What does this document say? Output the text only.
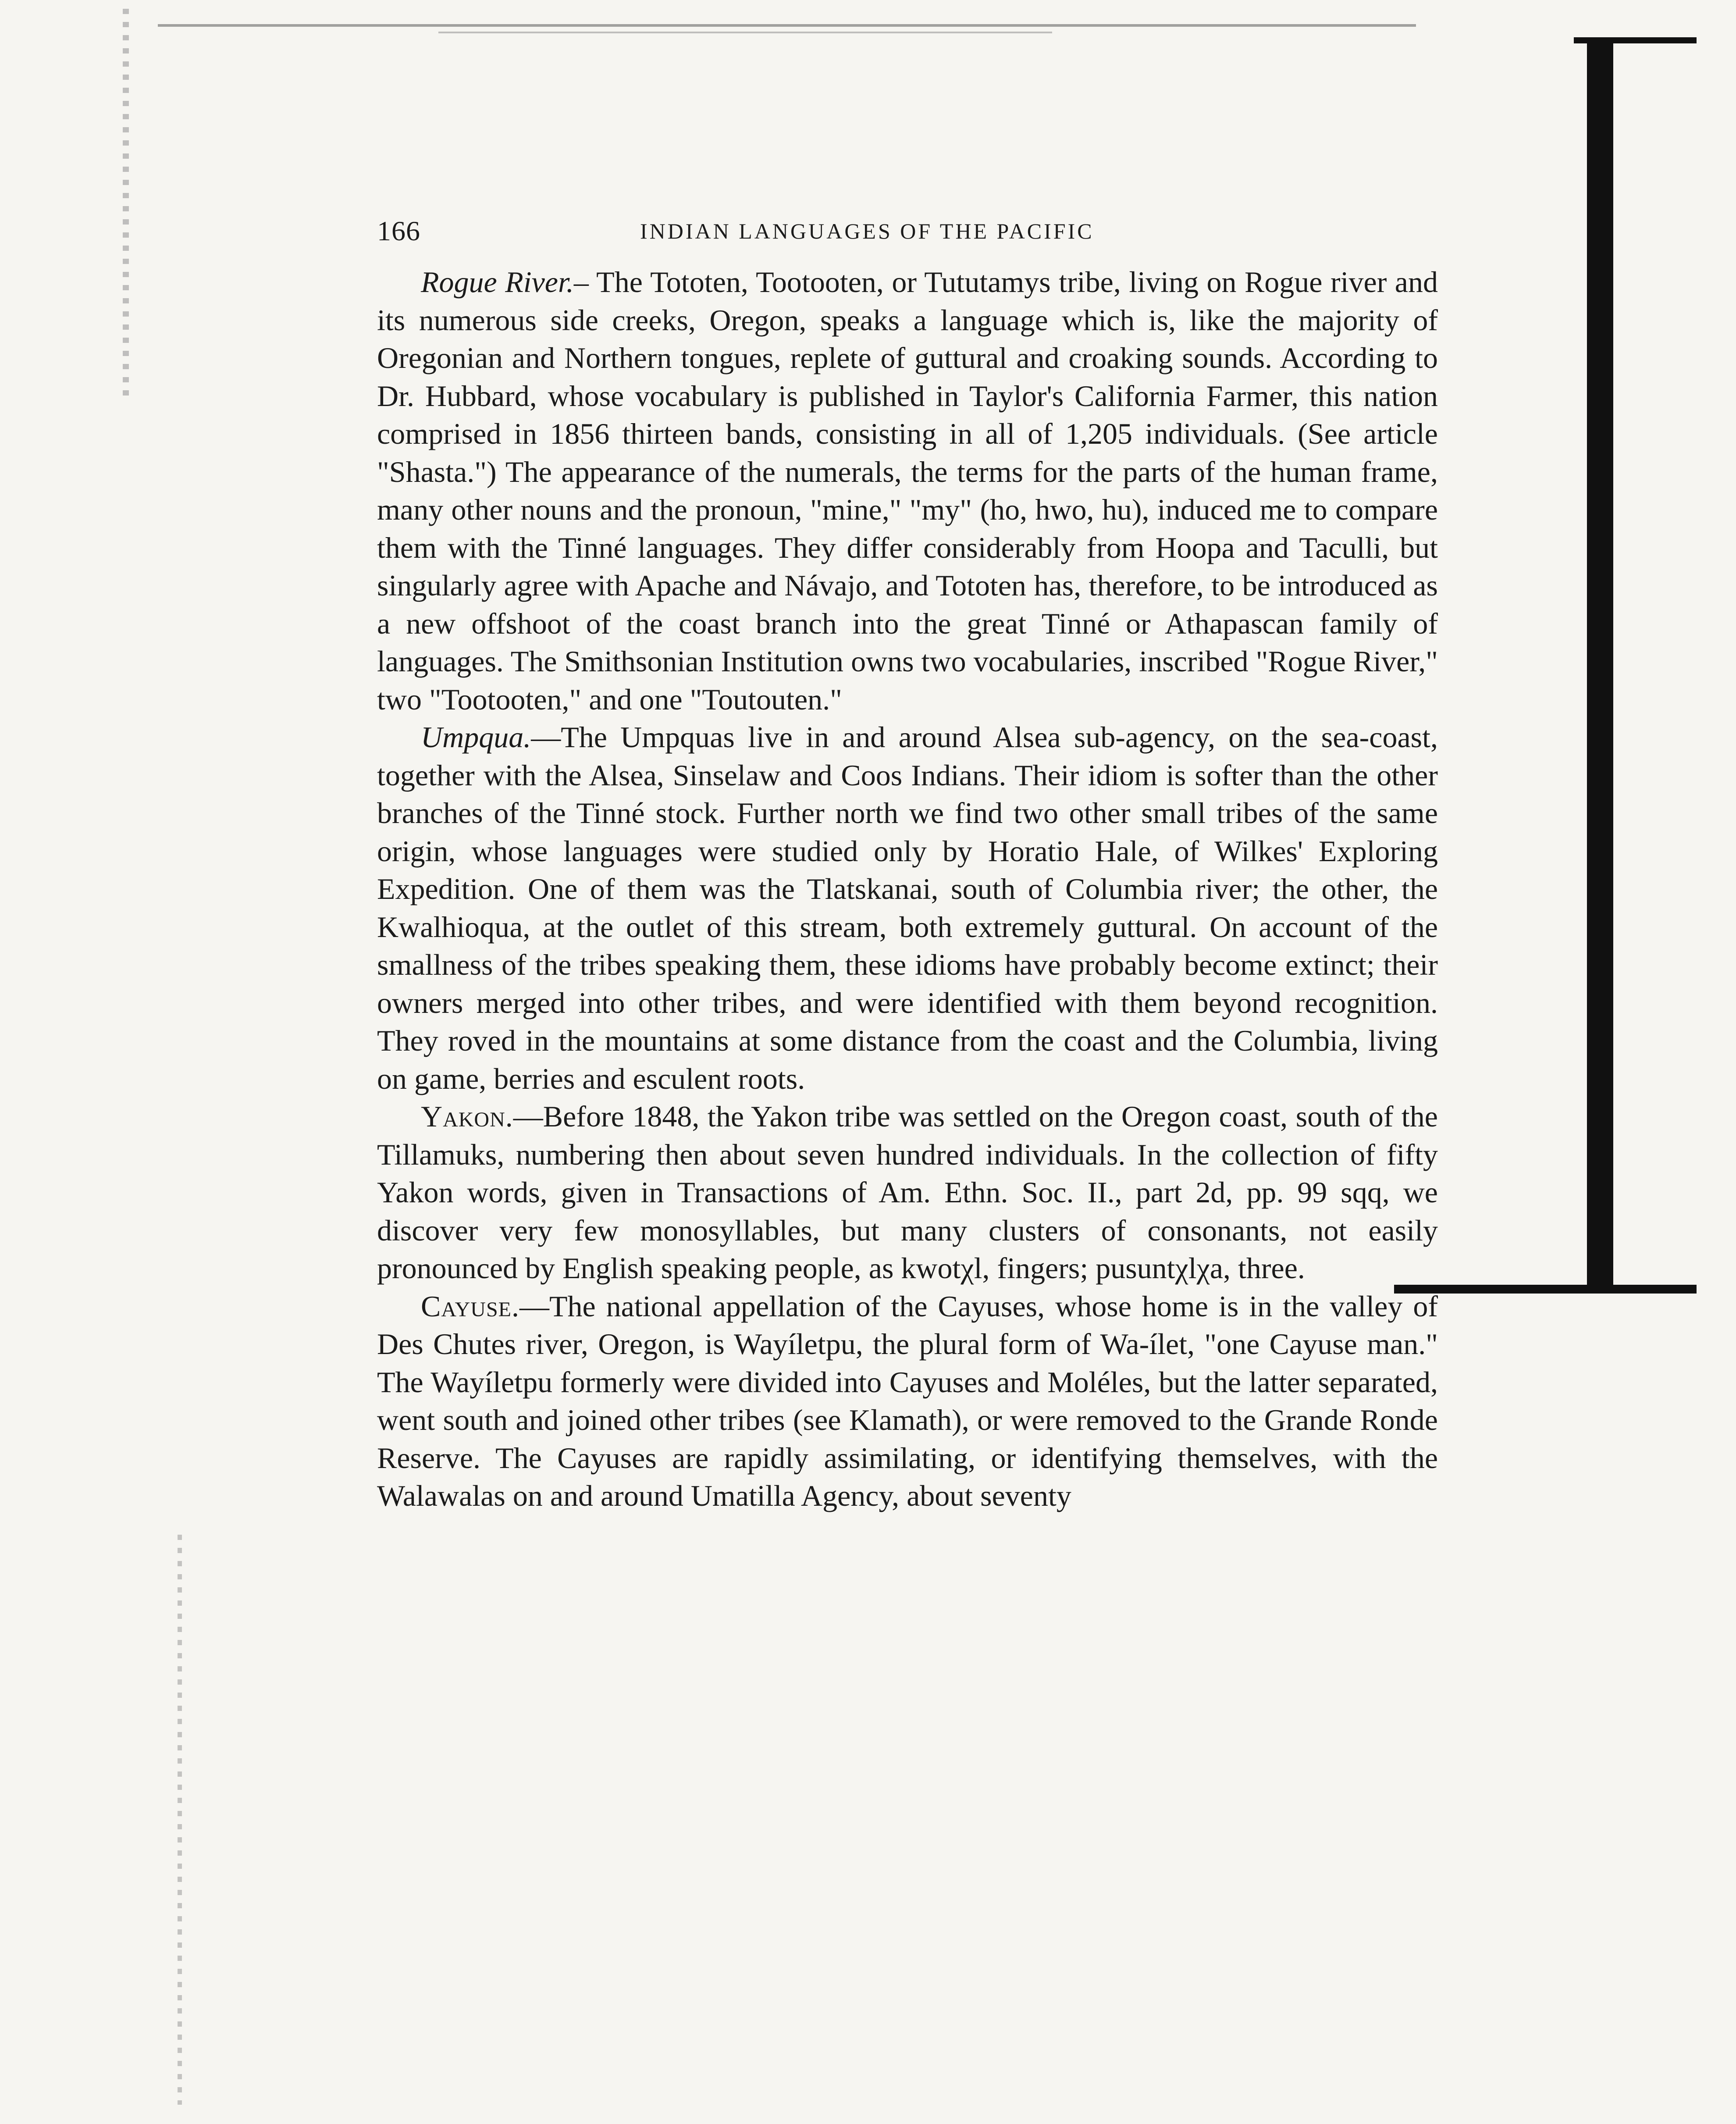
166	INDIAN LANGUAGES OF THE PACIFIC

Rogue River.– The Tototen, Tootooten, or Tututamys tribe, living on Rogue river and its numerous side creeks, Oregon, speaks a language which is, like the majority of Oregonian and Northern tongues, replete of guttural and croaking sounds. According to Dr. Hubbard, whose vocabulary is published in Taylor's California Farmer, this nation comprised in 1856 thirteen bands, consisting in all of 1,205 individuals. (See article "Shasta.") The appearance of the numerals, the terms for the parts of the human frame, many other nouns and the pronoun, "mine," "my" (ho, hwo, hu), induced me to compare them with the Tinné languages. They differ considerably from Hoopa and Taculli, but singularly agree with Apache and Návajo, and Tototen has, therefore, to be introduced as a new offshoot of the coast branch into the great Tinné or Athapascan family of languages. The Smithsonian Institution owns two vocabularies, inscribed "Rogue River," two "Tootooten," and one "Toutouten."

Umpqua.—The Umpquas live in and around Alsea sub-agency, on the sea-coast, together with the Alsea, Sinselaw and Coos Indians. Their idiom is softer than the other branches of the Tinné stock. Further north we find two other small tribes of the same origin, whose languages were studied only by Horatio Hale, of Wilkes' Exploring Expedition. One of them was the Tlatskanai, south of Columbia river; the other, the Kwalhioqua, at the outlet of this stream, both extremely guttural. On account of the smallness of the tribes speaking them, these idioms have probably become extinct; their owners merged into other tribes, and were identified with them beyond recognition. They roved in the mountains at some distance from the coast and the Columbia, living on game, berries and esculent roots.

Yakon.—Before 1848, the Yakon tribe was settled on the Oregon coast, south of the Tillamuks, numbering then about seven hundred individuals. In the collection of fifty Yakon words, given in Transactions of Am. Ethn. Soc. II., part 2d, pp. 99 sqq, we discover very few monosyllables, but many clusters of consonants, not easily pronounced by English speaking people, as kwotχl, fingers; pusuntχlχa, three.

Cayuse.—The national appellation of the Cayuses, whose home is in the valley of Des Chutes river, Oregon, is Wayíletpu, the plural form of Wa-ílet, "one Cayuse man." The Wayíletpu formerly were divided into Cayuses and Moléles, but the latter separated, went south and joined other tribes (see Klamath), or were removed to the Grande Ronde Reserve. The Cayuses are rapidly assimilating, or identifying themselves, with the Walawalas on and around Umatilla Agency, about seventy
